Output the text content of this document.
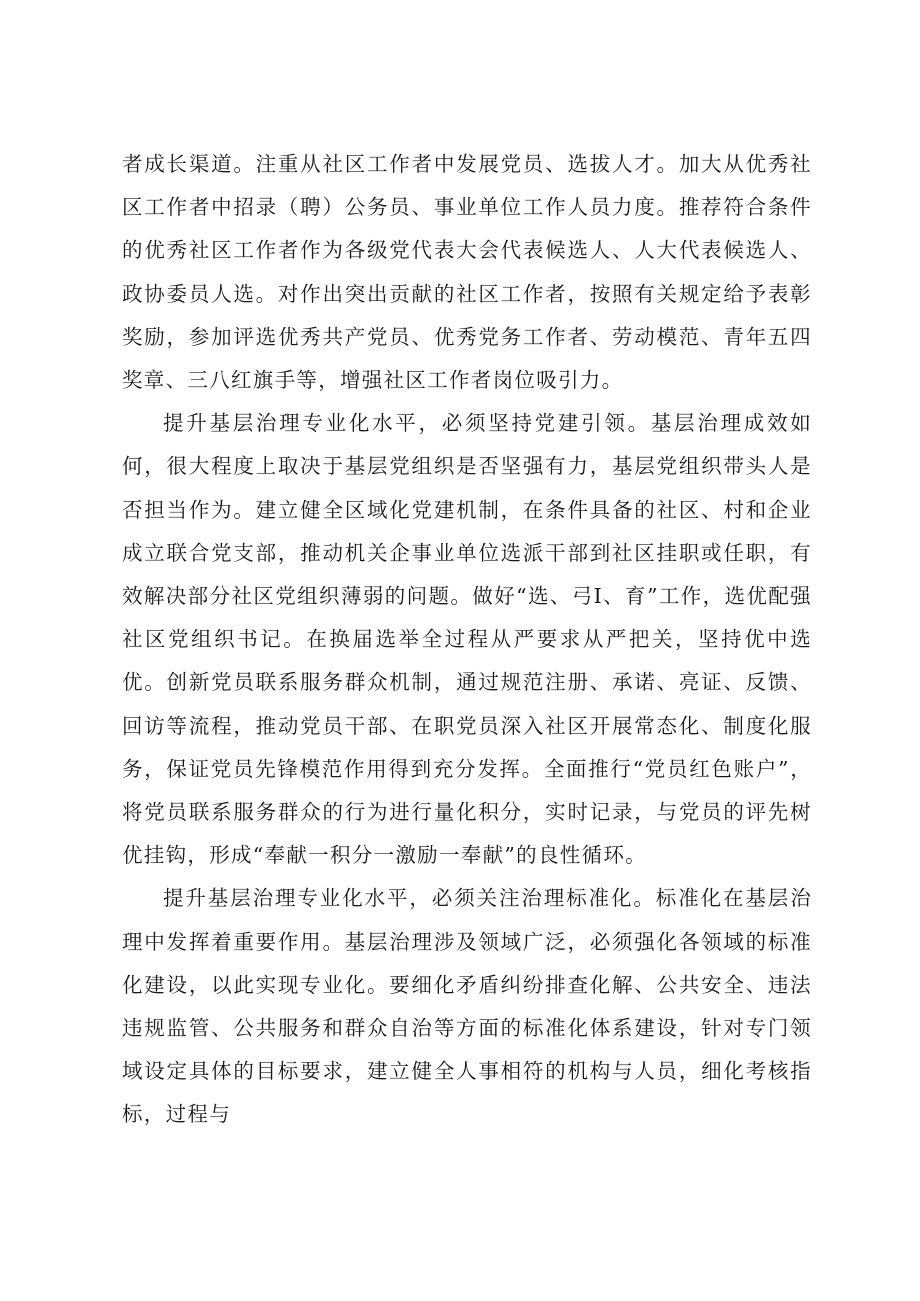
者成长渠道。注重从社区工作者中发展党员、选拔人才。加大从优秀社区工作者中招录（聘）公务员、事业单位工作人员力度。推荐符合条件的优秀社区工作者作为各级党代表大会代表候选人、人大代表候选人、政协委员人选。对作出突出贡献的社区工作者，按照有关规定给予表彰奖励，参加评选优秀共产党员、优秀党务工作者、劳动模范、青年五四奖章、三八红旗手等，增强社区工作者岗位吸引力。

提升基层治理专业化水平，必须坚持党建引领。基层治理成效如何，很大程度上取决于基层党组织是否坚强有力，基层党组织带头人是否担当作为。建立健全区域化党建机制，在条件具备的社区、村和企业成立联合党支部，推动机关企事业单位选派干部到社区挂职或任职，有效解决部分社区党组织薄弱的问题。做好“选、弓I、育”工作，选优配强社区党组织书记。在换届选举全过程从严要求从严把关，坚持优中选优。创新党员联系服务群众机制，通过规范注册、承诺、亮证、反馈、回访等流程，推动党员干部、在职党员深入社区开展常态化、制度化服务，保证党员先锋模范作用得到充分发挥。全面推行“党员红色账户”，将党员联系服务群众的行为进行量化积分，实时记录，与党员的评先树优挂钩，形成“奉献一积分一激励一奉献”的良性循环。

提升基层治理专业化水平，必须关注治理标准化。标准化在基层治理中发挥着重要作用。基层治理涉及领域广泛，必须强化各领域的标准化建设，以此实现专业化。要细化矛盾纠纷排查化解、公共安全、违法违规监管、公共服务和群众自治等方面的标准化体系建设，针对专门领域设定具体的目标要求，建立健全人事相符的机构与人员，细化考核指标，过程与
